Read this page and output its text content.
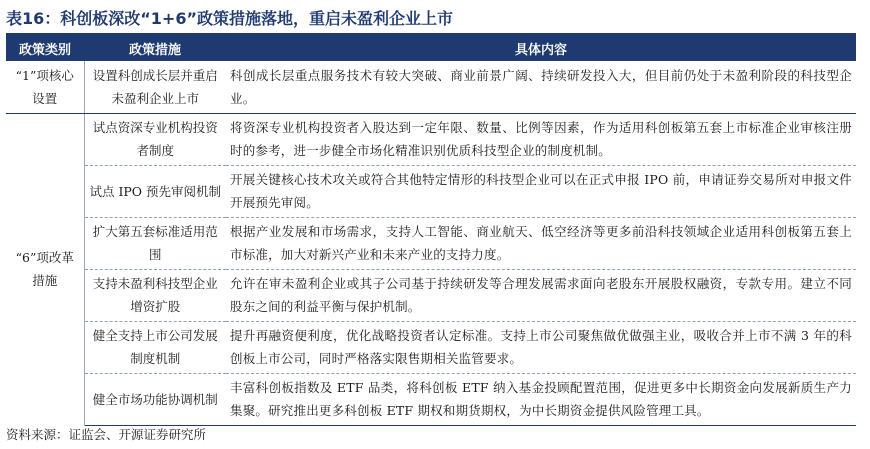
表16：科创板深改“1+6”政策措施落地，重启未盈利企业上市
政策类别	政策措施	具体内容
“1”项核心设置	设置科创成长层并重启未盈利企业上市	科创成长层重点服务技术有较大突破、商业前景广阔、持续研发投入大，但目前仍处于未盈利阶段的科技型企业。
“6”项改革措施	试点资深专业机构投资者制度	将资深专业机构投资者入股达到一定年限、数量、比例等因素，作为适用科创板第五套上市标准企业审核注册时的参考，进一步健全市场化精准识别优质科技型企业的制度机制。
	试点 IPO 预先审阅机制	开展关键核心技术攻关或符合其他特定情形的科技型企业可以在正式申报 IPO 前，申请证券交易所对申报文件开展预先审阅。
	扩大第五套标准适用范围	根据产业发展和市场需求，支持人工智能、商业航天、低空经济等更多前沿科技领域企业适用科创板第五套上市标准，加大对新兴产业和未来产业的支持力度。
	支持未盈利科技型企业增资扩股	允许在审未盈利企业或其子公司基于持续研发等合理发展需求面向老股东开展股权融资，专款专用。建立不同股东之间的利益平衡与保护机制。
	健全支持上市公司发展制度机制	提升再融资便利度，优化战略投资者认定标准。支持上市公司聚焦做优做强主业，吸收合并上市不满 3 年的科创板上市公司，同时严格落实限售期相关监管要求。
	健全市场功能协调机制	丰富科创板指数及 ETF 品类，将科创板 ETF 纳入基金投顾配置范围，促进更多中长期资金向发展新质生产力集聚。研究推出更多科创板 ETF 期权和期货期权，为中长期资金提供风险管理工具。
资料来源：证监会、开源证券研究所
